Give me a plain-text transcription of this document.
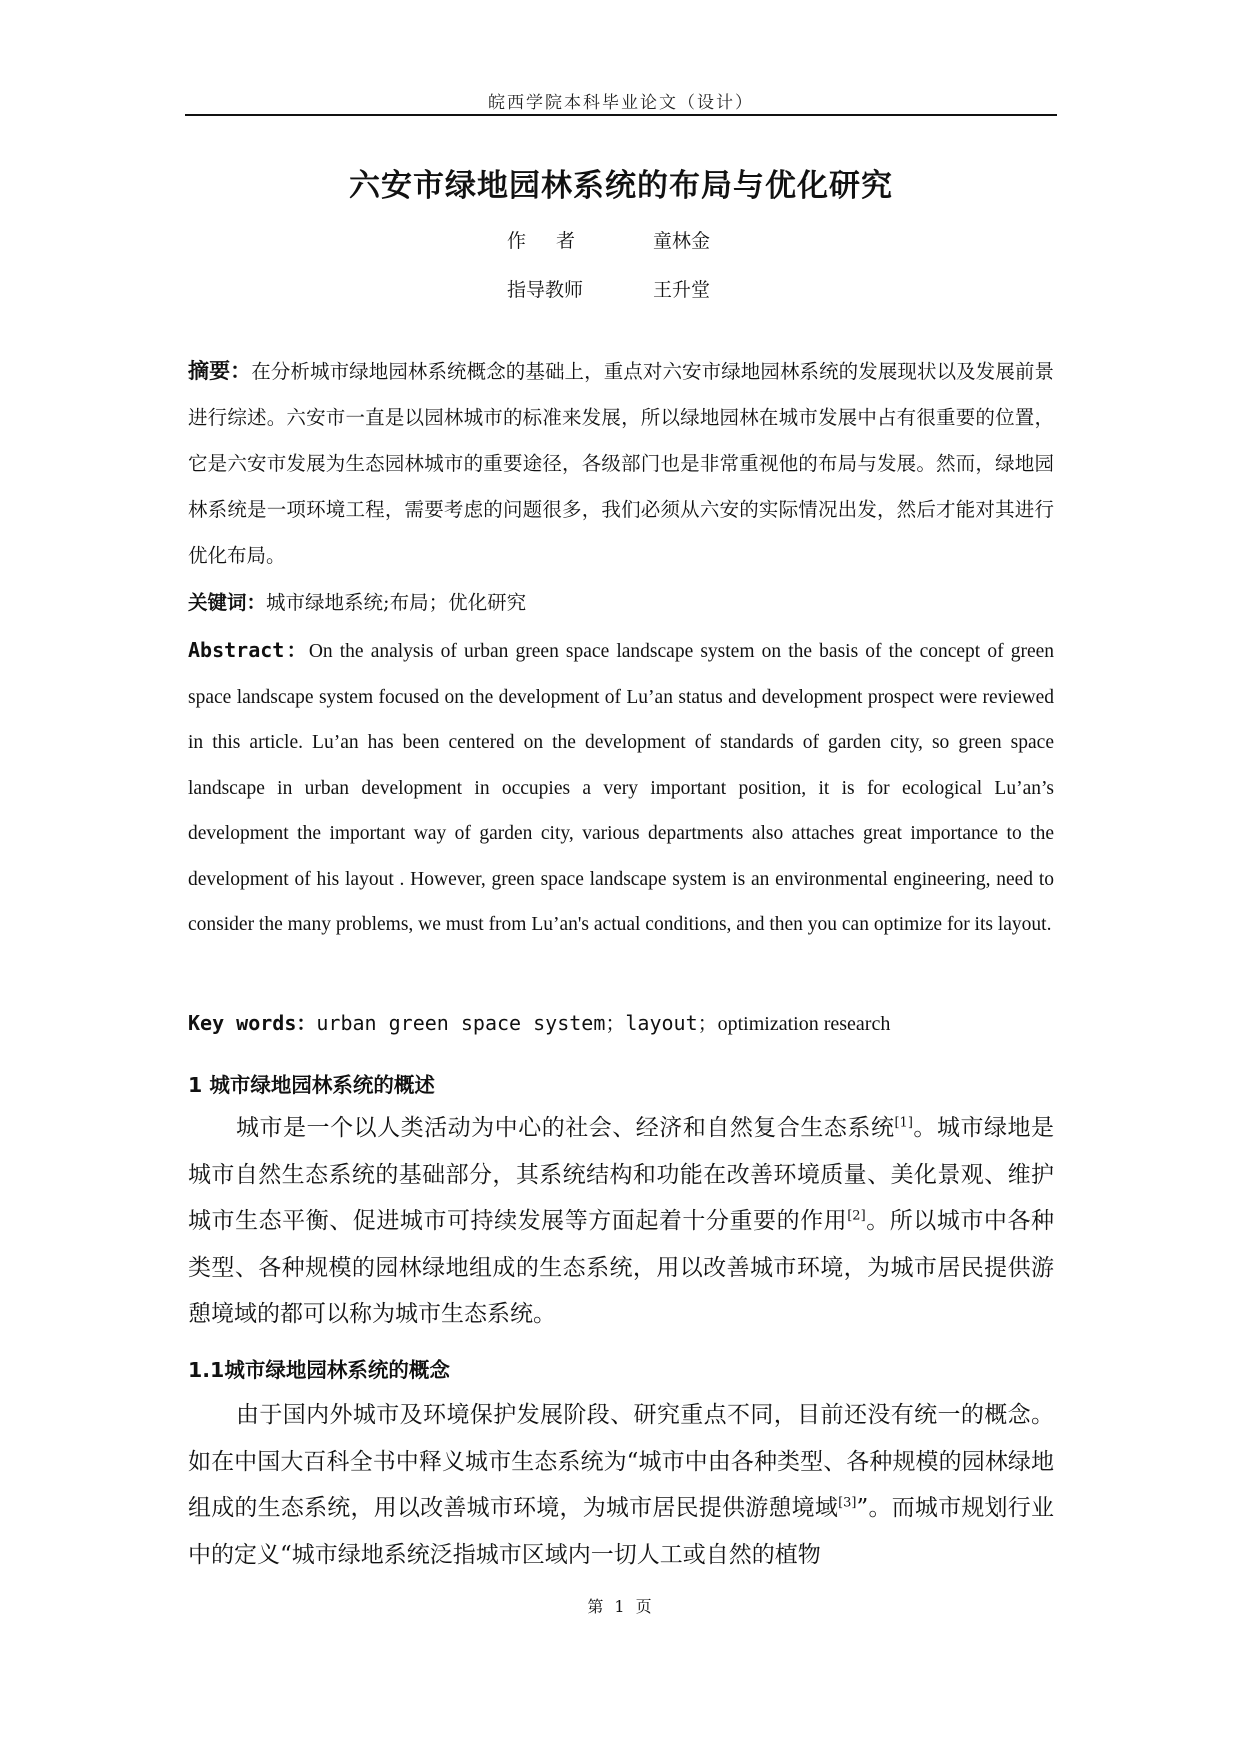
皖西学院本科毕业论文（设计）
六安市绿地园林系统的布局与优化研究
作者	童林金
指导教师	王升堂
摘要：在分析城市绿地园林系统概念的基础上，重点对六安市绿地园林系统的发展现状以及发展前景进行综述。六安市一直是以园林城市的标准来发展，所以绿地园林在城市发展中占有很重要的位置，它是六安市发展为生态园林城市的重要途径，各级部门也是非常重视他的布局与发展。然而，绿地园林系统是一项环境工程，需要考虑的问题很多，我们必须从六安的实际情况出发，然后才能对其进行优化布局。
关键词：城市绿地系统;布局；优化研究
Abstract：On the analysis of urban green space landscape system on the basis of the concept of green space landscape system focused on the development of Lu’an status and development prospect were reviewed in this article. Lu’an has been centered on the development of standards of garden city, so green space landscape in urban development in occupies a very important position, it is for ecological Lu’an’s development the important way of garden city, various departments also attaches great importance to the development of his layout . However, green space landscape system is an environmental engineering, need to consider the many problems, we must from Lu’an's actual conditions, and then you can optimize for its layout.
Key words：urban green space system；layout；optimization research
1 城市绿地园林系统的概述
城市是一个以人类活动为中心的社会、经济和自然复合生态系统[1]。城市绿地是城市自然生态系统的基础部分，其系统结构和功能在改善环境质量、美化景观、维护城市生态平衡、促进城市可持续发展等方面起着十分重要的作用[2]。所以城市中各种类型、各种规模的园林绿地组成的生态系统，用以改善城市环境，为城市居民提供游憩境域的都可以称为城市生态系统。
1.1城市绿地园林系统的概念
由于国内外城市及环境保护发展阶段、研究重点不同，目前还没有统一的概念。如在中国大百科全书中释义城市生态系统为“城市中由各种类型、各种规模的园林绿地组成的生态系统，用以改善城市环境，为城市居民提供游憩境域[3]”。而城市规划行业中的定义“城市绿地系统泛指城市区域内一切人工或自然的植物
第 1 页
